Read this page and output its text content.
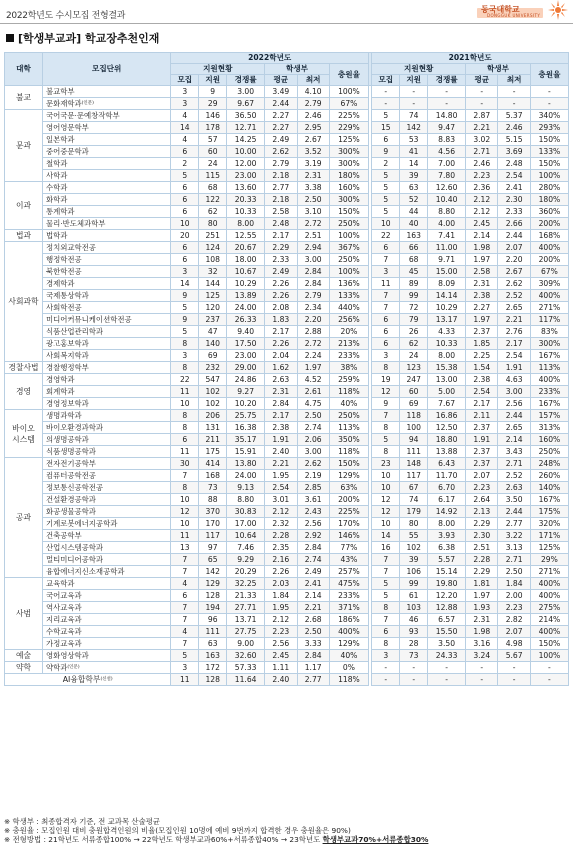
2022학년도 수시모집 전형결과
동국대학교
DONGGUK UNIVERSITY
[학생부교과] 학교장추천인재
대학	모집단위	2022학년도							2021학년도					
		지원현황			학생부		충원율		지원현황			학생부		충원율
		모집	지원	경쟁률	평균	최저			모집	지원	경쟁률	평균	최저	
불교	불교학부	3	9	3.00	3.49	4.10	100%		-	-	-	-	-	-
	문화재학과$^{(인문)}$	3	29	9.67	2.44	2.79	67%		-	-	-	-	-	-
문과	국어국문·문예창작학부	4	146	36.50	2.27	2.46	225%		5	74	14.80	2.87	5.37	340%
	영어영문학부	14	178	12.71	2.27	2.95	229%		15	142	9.47	2.21	2.46	293%
	일본학과	4	57	14.25	2.49	2.67	125%		6	53	8.83	3.02	5.15	150%
	중어중문학과	6	60	10.00	2.62	3.52	300%		9	41	4.56	2.71	3.69	133%
	철학과	2	24	12.00	2.79	3.19	300%		2	14	7.00	2.46	2.48	150%
	사학과	5	115	23.00	2.18	2.31	180%		5	39	7.80	2.23	2.54	100%
이과	수학과	6	68	13.60	2.77	3.38	160%		5	63	12.60	2.36	2.41	280%
	화학과	6	122	20.33	2.18	2.50	300%		5	52	10.40	2.12	2.30	180%
	통계학과	6	62	10.33	2.58	3.10	150%		5	44	8.80	2.12	2.33	360%
	물리·반도체과학부	10	80	8.00	2.48	2.72	250%		10	40	4.00	2.45	2.66	200%
법과	법학과	20	251	12.55	2.17	2.51	100%		22	163	7.41	2.14	2.44	168%
사회과학	정치외교학전공	6	124	20.67	2.29	2.94	367%		6	66	11.00	1.98	2.07	400%
	행정학전공	6	108	18.00	2.33	3.00	250%		7	68	9.71	1.97	2.20	200%
	북한학전공	3	32	10.67	2.49	2.84	100%		3	45	15.00	2.58	2.67	67%
	경제학과	14	144	10.29	2.26	2.84	136%		11	89	8.09	2.31	2.62	309%
	국제통상학과	9	125	13.89	2.26	2.79	133%		7	99	14.14	2.38	2.52	400%
	사회학전공	5	120	24.00	2.08	2.34	440%		7	72	10.29	2.27	2.65	271%
	미디어커뮤니케이션학전공	9	237	26.33	1.83	2.20	256%		6	79	13.17	1.97	2.21	117%
	식품산업관리학과	5	47	9.40	2.17	2.88	20%		6	26	4.33	2.37	2.76	83%
	광고홍보학과	8	140	17.50	2.26	2.72	213%		6	62	10.33	1.85	2.17	300%
	사회복지학과	3	69	23.00	2.04	2.24	233%		3	24	8.00	2.25	2.54	167%
경찰사법	경찰행정학부	8	232	29.00	1.62	1.97	38%		8	123	15.38	1.54	1.91	113%
경영	경영학과	22	547	24.86	2.63	4.52	259%		19	247	13.00	2.38	4.63	400%
	회계학과	11	102	9.27	2.31	2.61	118%		12	60	5.00	2.54	3.00	233%
	경영정보학과	10	102	10.20	2.84	4.75	40%		9	69	7.67	2.17	2.56	167%
바이오
시스템	생명과학과	8	206	25.75	2.17	2.50	250%		7	118	16.86	2.11	2.44	157%
	바이오환경과학과	8	131	16.38	2.38	2.74	113%		8	100	12.50	2.37	2.65	313%
	의생명공학과	6	211	35.17	1.91	2.06	350%		5	94	18.80	1.91	2.14	160%
	식품생명공학과	11	175	15.91	2.40	3.00	118%		8	111	13.88	2.37	3.43	250%
공과	전자전기공학부	30	414	13.80	2.21	2.62	150%		23	148	6.43	2.37	2.71	248%
	컴퓨터공학전공	7	168	24.00	1.95	2.19	129%		10	117	11.70	2.07	2.52	260%
	정보통신공학전공	8	73	9.13	2.54	2.85	63%		10	67	6.70	2.23	2.63	140%
	건설환경공학과	10	88	8.80	3.01	3.61	200%		12	74	6.17	2.64	3.50	167%
	화공생물공학과	12	370	30.83	2.12	2.43	225%		12	179	14.92	2.13	2.44	175%
	기계로봇에너지공학과	10	170	17.00	2.32	2.56	170%		10	80	8.00	2.29	2.77	320%
	건축공학부	11	117	10.64	2.28	2.92	146%		14	55	3.93	2.30	3.22	171%
	산업시스템공학과	13	97	7.46	2.35	2.84	77%		16	102	6.38	2.51	3.13	125%
	멀티미디어공학과	7	65	9.29	2.16	2.74	43%		7	39	5.57	2.28	2.71	29%
	융합에너지신소재공학과	7	142	20.29	2.26	2.49	257%		7	106	15.14	2.29	2.50	271%
사범	교육학과	4	129	32.25	2.03	2.41	475%		5	99	19.80	1.81	1.84	400%
	국어교육과	6	128	21.33	1.84	2.14	233%		5	61	12.20	1.97	2.00	400%
	역사교육과	7	194	27.71	1.95	2.21	371%		8	103	12.88	1.93	2.23	275%
	지리교육과	7	96	13.71	2.12	2.68	186%		7	46	6.57	2.31	2.82	214%
	수학교육과	4	111	27.75	2.23	2.50	400%		6	93	15.50	1.98	2.07	400%
	가정교육과	7	63	9.00	2.56	3.33	129%		8	28	3.50	3.16	4.98	150%
예술	영화영상학과	5	163	32.60	2.45	2.84	40%		3	73	24.33	3.24	5.67	100%
약학	약학과$^{(인문)}$	3	172	57.33	1.11	1.17	0%		-	-	-	-	-	-
AI융합학부$^{(신설)}$		11	128	11.64	2.40	2.77	118%		-	-	-	-	-	-
※ 학생부 : 최종합격자 기준, 전 교과목 산술평균
※ 충원율 : 모집인원 대비 충원합격인원의 비율(모집인원 10명에 예비 9번까지 합격한 경우 충원율은 90%)
※ 전형방법 : 21학년도 서류종합100% → 22학년도 학생부교과60%+서류종합40% → 23학년도 학생부교과70%+서류종합30%
